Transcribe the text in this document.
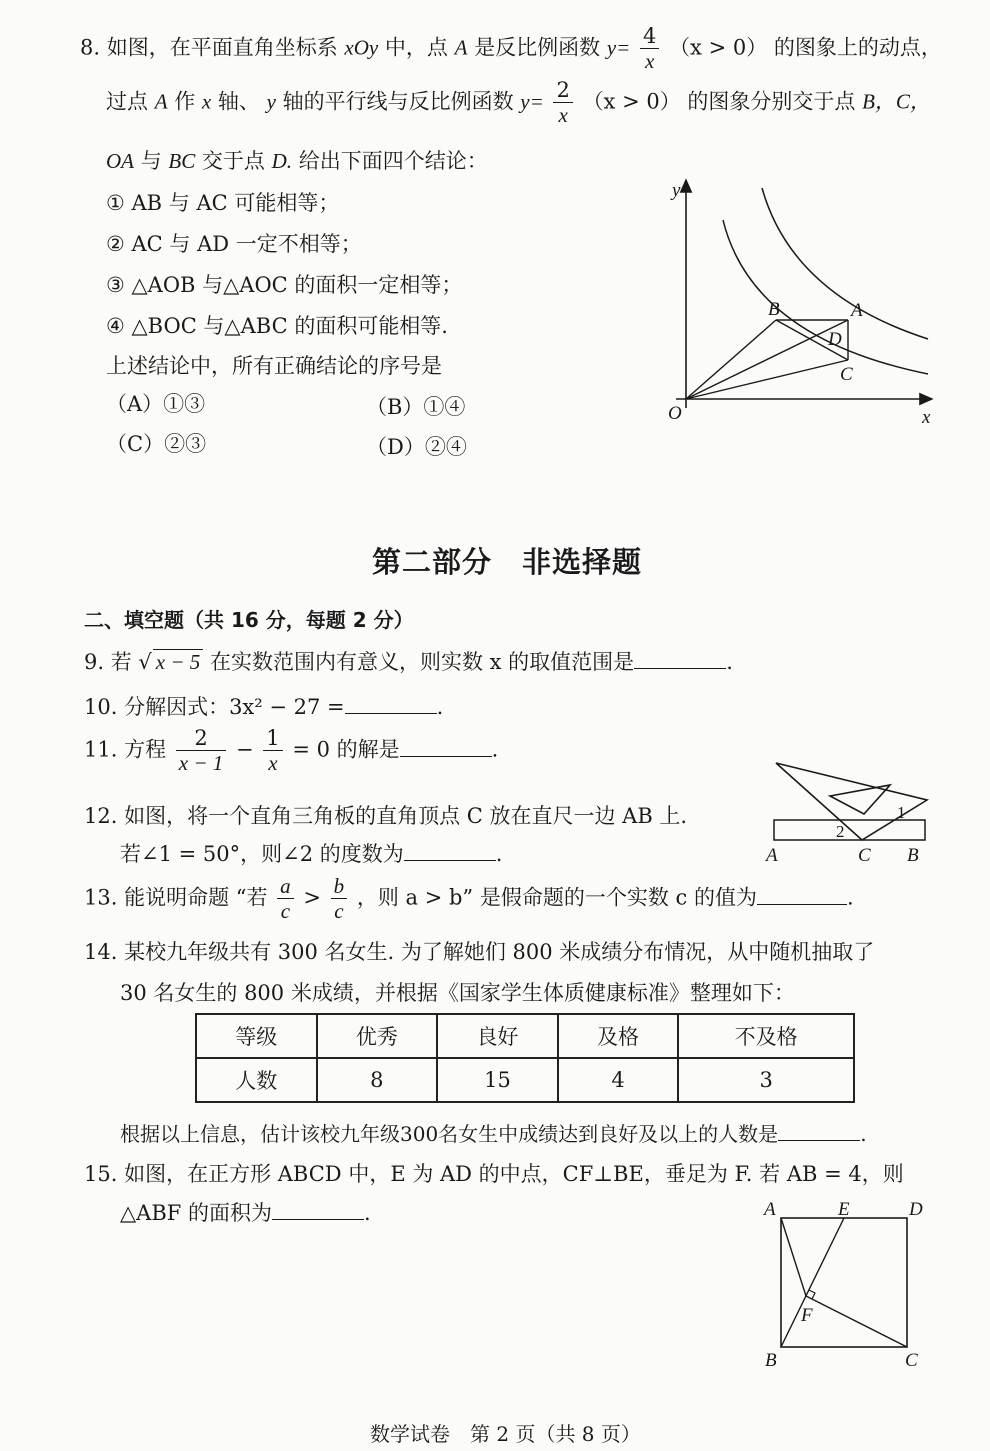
8. 如图，在平面直角坐标系 xOy 中，点 A 是反比例函数 $y= \frac{4}{x} (x > 0)$ 的图象上的动点，
过点 A 作 x 轴、 y 轴的平行线与反比例函数 $y= \frac{2}{x} (x > 0)$ 的图象分别交于点 B，C，
OA 与 BC 交于点 D. 给出下面四个结论：
① AB 与 AC 可能相等；
② AC 与 AD 一定不相等；
③ △AOB 与△AOC 的面积一定相等；
④ △BOC 与△ABC 的面积可能相等.
上述结论中，所有正确结论的序号是
（A）①③	（B）①④
（C）②③	（D）②④
y
x
O
A
B
C
D
第二部分　非选择题
二、填空题（共 16 分，每题 2 分）
9. 若 √ x − 5 在实数范围内有意义，则实数 x 的取值范围是	.
10. 分解因式：3x² − 27 =	.
11. 方程 $\frac{2}{x - 1} - \frac{1}{x} = 0$ 的解是	.
12. 如图，将一个直角三角板的直角顶点 C 放在直尺一边 AB 上.
若∠1 = 50°，则∠2 的度数为	.	A	C B
1
2
13. 能说明命题 “若 $\frac{a}{c} > \frac{b}{c}$ ，则 a > b” 是假命题的一个实数 c 的值为	.
14. 某校九年级共有 300 名女生. 为了解她们 800 米成绩分布情况，从中随机抽取了
30 名女生的 800 米成绩，并根据《国家学生体质健康标准》整理如下：
等级	优秀	良好	及格	不及格
人数	8	15	4	3
根据以上信息，估计该校九年级300名女生中成绩达到良好及以上的人数是	.
15. 如图，在正方形 ABCD 中，E 为 AD 的中点，CF⊥BE，垂足为 F. 若 AB = 4，则
△ABF 的面积为	.	A	E	D
F
B	C
数学试卷　第 2 页（共 8 页）
